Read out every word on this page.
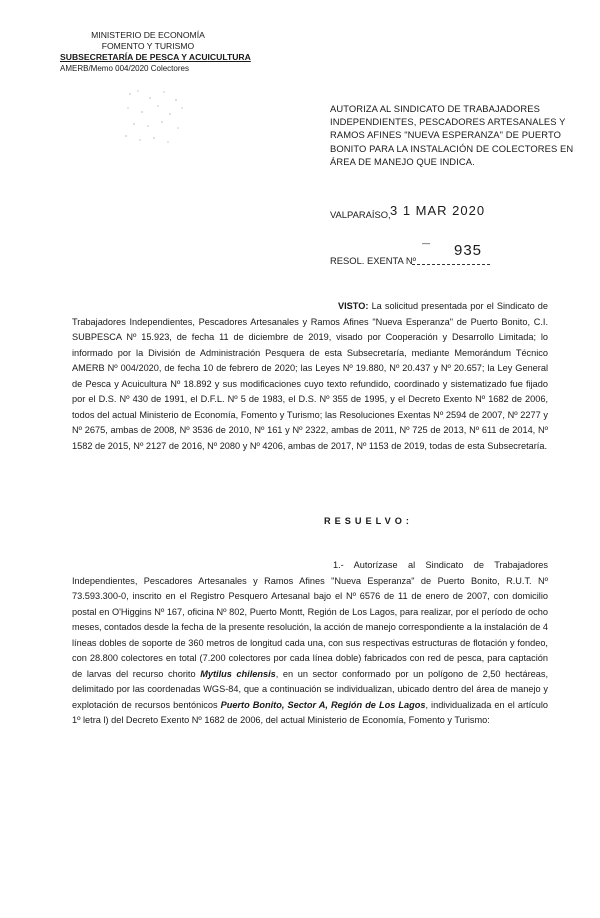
MINISTERIO DE ECONOMÍA
FOMENTO Y TURISMO
SUBSECRETARÍA DE PESCA Y ACUICULTURA
AMERB/Memo 004/2020 Colectores
AUTORIZA AL SINDICATO DE TRABAJADORES INDEPENDIENTES, PESCADORES ARTESANALES Y RAMOS AFINES "NUEVA ESPERANZA" DE PUERTO BONITO PARA LA INSTALACIÓN DE COLECTORES EN ÁREA DE MANEJO QUE INDICA.
VALPARAÍSO, 3 1 MAR 2020
RESOL. EXENTA Nº
— 935
VISTO: La solicitud presentada por el Sindicato de Trabajadores Independientes, Pescadores Artesanales y Ramos Afines "Nueva Esperanza" de Puerto Bonito, C.I. SUBPESCA Nº 15.923, de fecha 11 de diciembre de 2019, visado por Cooperación y Desarrollo Limitada; lo informado por la División de Administración Pesquera de esta Subsecretaría, mediante Memorándum Técnico AMERB Nº 004/2020, de fecha 10 de febrero de 2020; las Leyes Nº 19.880, Nº 20.437 y Nº 20.657; la Ley General de Pesca y Acuicultura Nº 18.892 y sus modificaciones cuyo texto refundido, coordinado y sistematizado fue fijado por el D.S. Nº 430 de 1991, el D.F.L. Nº 5 de 1983, el D.S. Nº 355 de 1995, y el Decreto Exento Nº 1682 de 2006, todos del actual Ministerio de Economía, Fomento y Turismo; las Resoluciones Exentas Nº 2594 de 2007, Nº 2277 y Nº 2675, ambas de 2008, Nº 3536 de 2010, Nº 161 y Nº 2322, ambas de 2011, Nº 725 de 2013, Nº 611 de 2014, Nº 1582 de 2015, Nº 2127 de 2016, Nº 2080 y Nº 4206, ambas de 2017, Nº 1153 de 2019, todas de esta Subsecretaría.
RESUELVO:
1.- Autorízase al Sindicato de Trabajadores Independientes, Pescadores Artesanales y Ramos Afines "Nueva Esperanza" de Puerto Bonito, R.U.T. Nº 73.593.300-0, inscrito en el Registro Pesquero Artesanal bajo el Nº 6576 de 11 de enero de 2007, con domicilio postal en O'Higgins Nº 167, oficina Nº 802, Puerto Montt, Región de Los Lagos, para realizar, por el período de ocho meses, contados desde la fecha de la presente resolución, la acción de manejo correspondiente a la instalación de 4 líneas dobles de soporte de 360 metros de longitud cada una, con sus respectivas estructuras de flotación y fondeo, con 28.800 colectores en total (7.200 colectores por cada línea doble) fabricados con red de pesca, para captación de larvas del recurso chorito Mytilus chilensis, en un sector conformado por un polígono de 2,50 hectáreas, delimitado por las coordenadas WGS-84, que a continuación se individualizan, ubicado dentro del área de manejo y explotación de recursos bentónicos Puerto Bonito, Sector A, Región de Los Lagos, individualizada en el artículo 1º letra l) del Decreto Exento Nº 1682 de 2006, del actual Ministerio de Economía, Fomento y Turismo:
